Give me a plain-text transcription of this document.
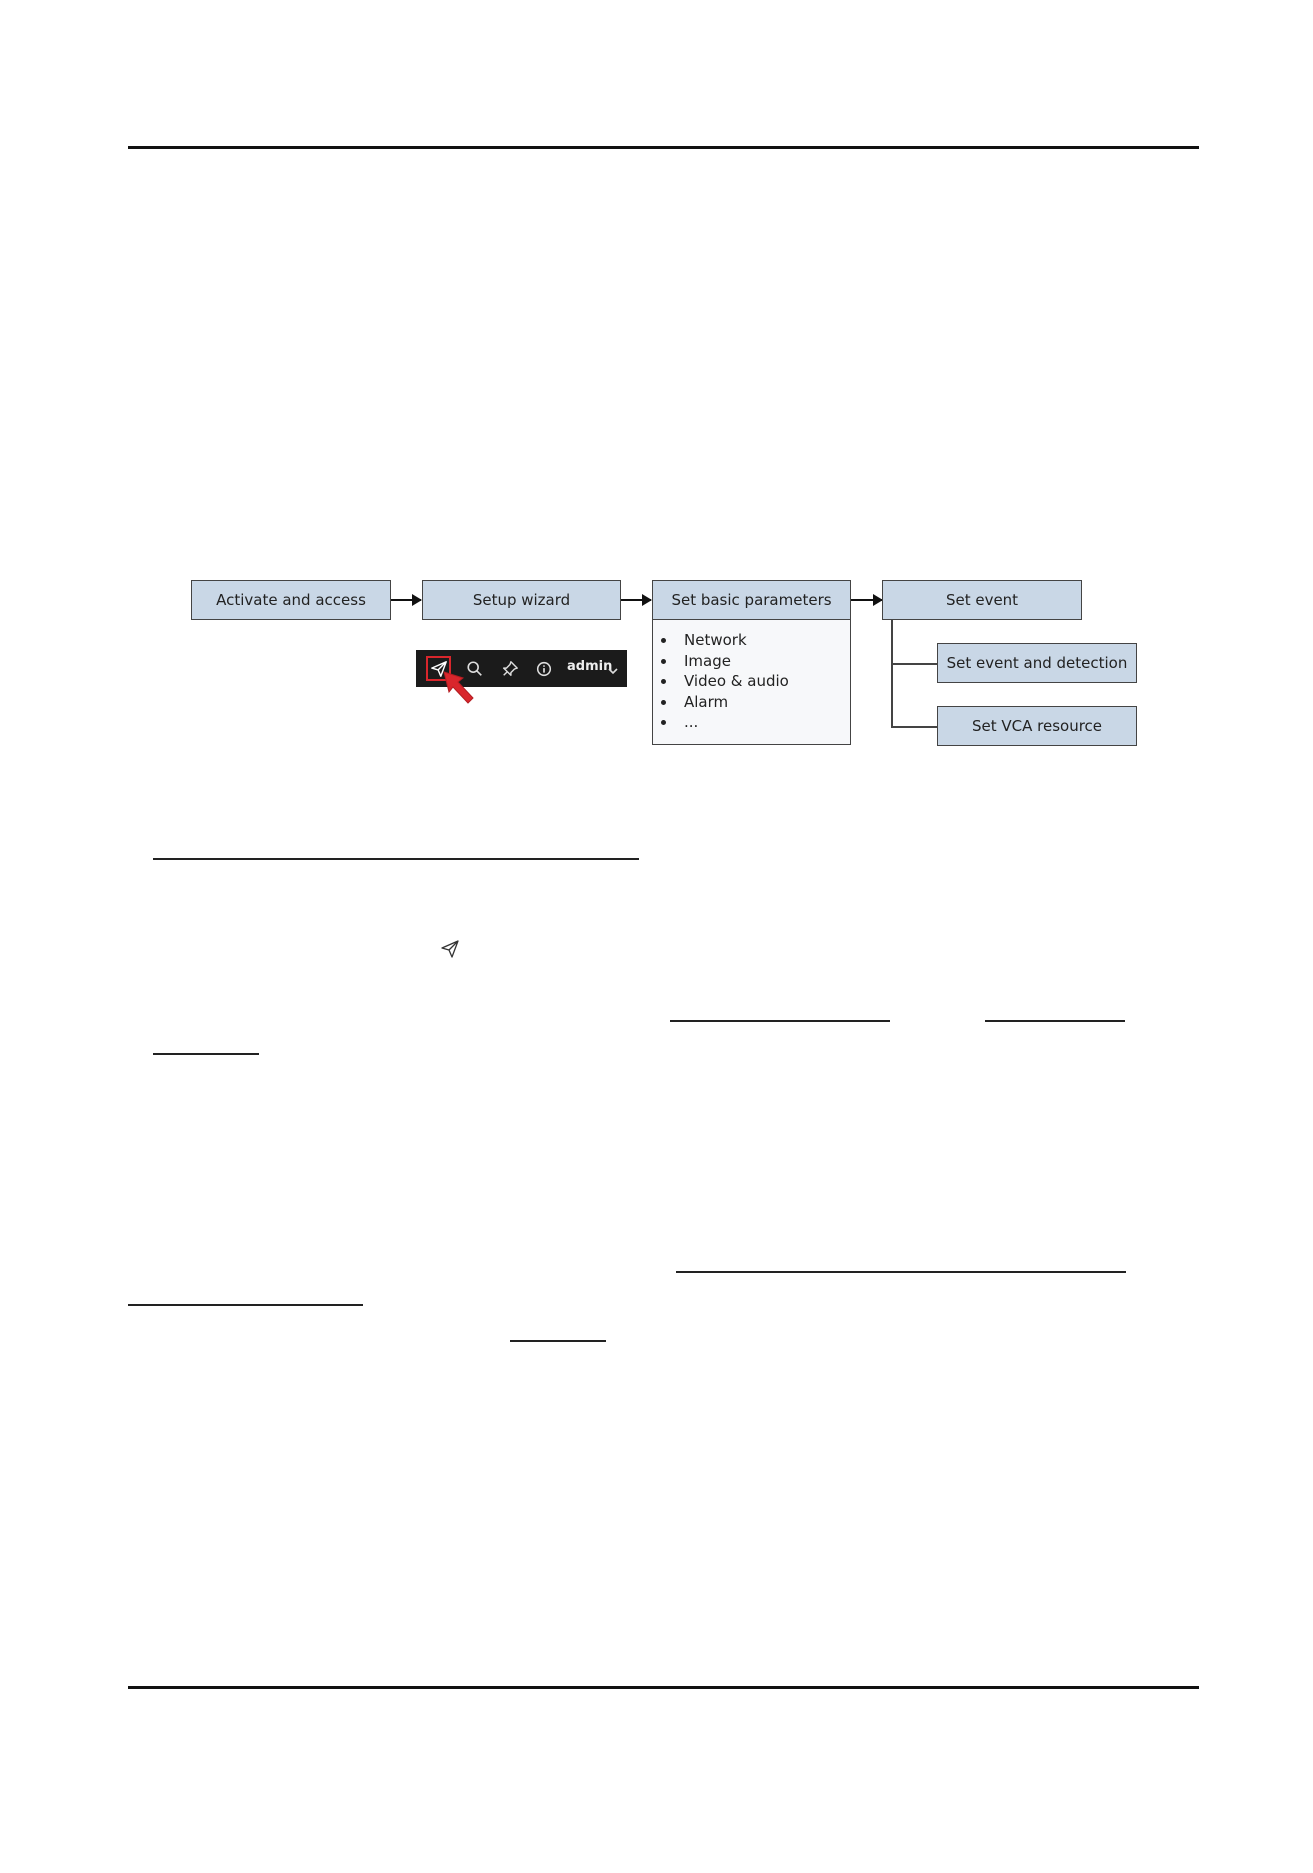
Activate and access	Setup wizard	Set basic parameters
Network
Image
Video & audio
Alarm
...
Set event
Set event and detection
Set VCA resource
admin
